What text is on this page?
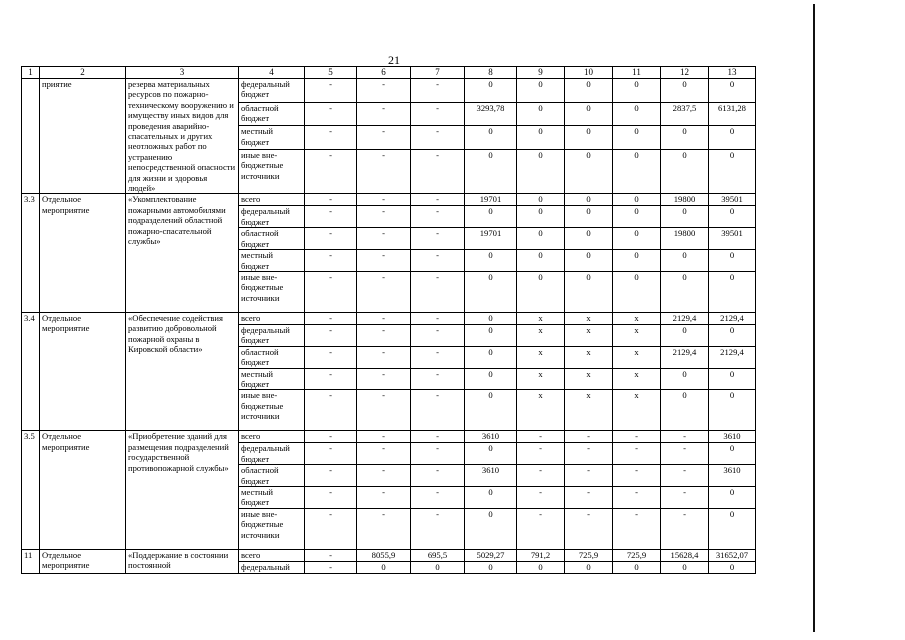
21
1	2	3	4	5	6	7	8	9	10	11	12	13
	приятие	резерва материальных ресурсов по пожарно-техническому вооружению и имуществу иных видов для проведения аварийно-спасательных и других неотложных работ по устранению непосредственной опасности для жизни и здоровья людей»	федеральный бюджет	-	-	-	0	0	0	0	0	0
			областной бюджет	-	-	-	3293,78	0	0	0	2837,5	6131,28
			местный бюджет	-	-	-	0	0	0	0	0	0
			иные вне-бюджетные источники	-	-	-	0	0	0	0	0	0
3.3	Отдельное мероприятие	«Укомплектование пожарными автомобилями подразделений областной пожарно-спасательной службы»	всего	-	-	-	19701	0	0	0	19800	39501
			федеральный бюджет	-	-	-	0	0	0	0	0	0
			областной бюджет	-	-	-	19701	0	0	0	19800	39501
			местный бюджет	-	-	-	0	0	0	0	0	0
			иные вне-бюджетные источники	-	-	-	0	0	0	0	0	0
3.4	Отдельное мероприятие	«Обеспечение содействия развитию добровольной пожарной охраны в Кировской области»	всего	-	-	-	0	x	x	x	2129,4	2129,4
			федеральный бюджет	-	-	-	0	x	x	x	0	0
			областной бюджет	-	-	-	0	x	x	x	2129,4	2129,4
			местный бюджет	-	-	-	0	x	x	x	0	0
			иные вне-бюджетные источники	-	-	-	0	x	x	x	0	0
3.5	Отдельное мероприятие	«Приобретение зданий для размещения подразделений государственной противопожарной службы»	всего	-	-	-	3610	-	-	-	-	3610
			федеральный бюджет	-	-	-	0	-	-	-	-	0
			областной бюджет	-	-	-	3610	-	-	-	-	3610
			местный бюджет	-	-	-	0	-	-	-	-	0
			иные вне-бюджетные источники	-	-	-	0	-	-	-	-	0
11	Отдельное мероприятие	«Поддержание в состоянии постоянной	всего	-	8055,9	695,5	5029,27	791,2	725,9	725,9	15628,4	31652,07
			федеральный	-	0	0	0	0	0	0	0	0
